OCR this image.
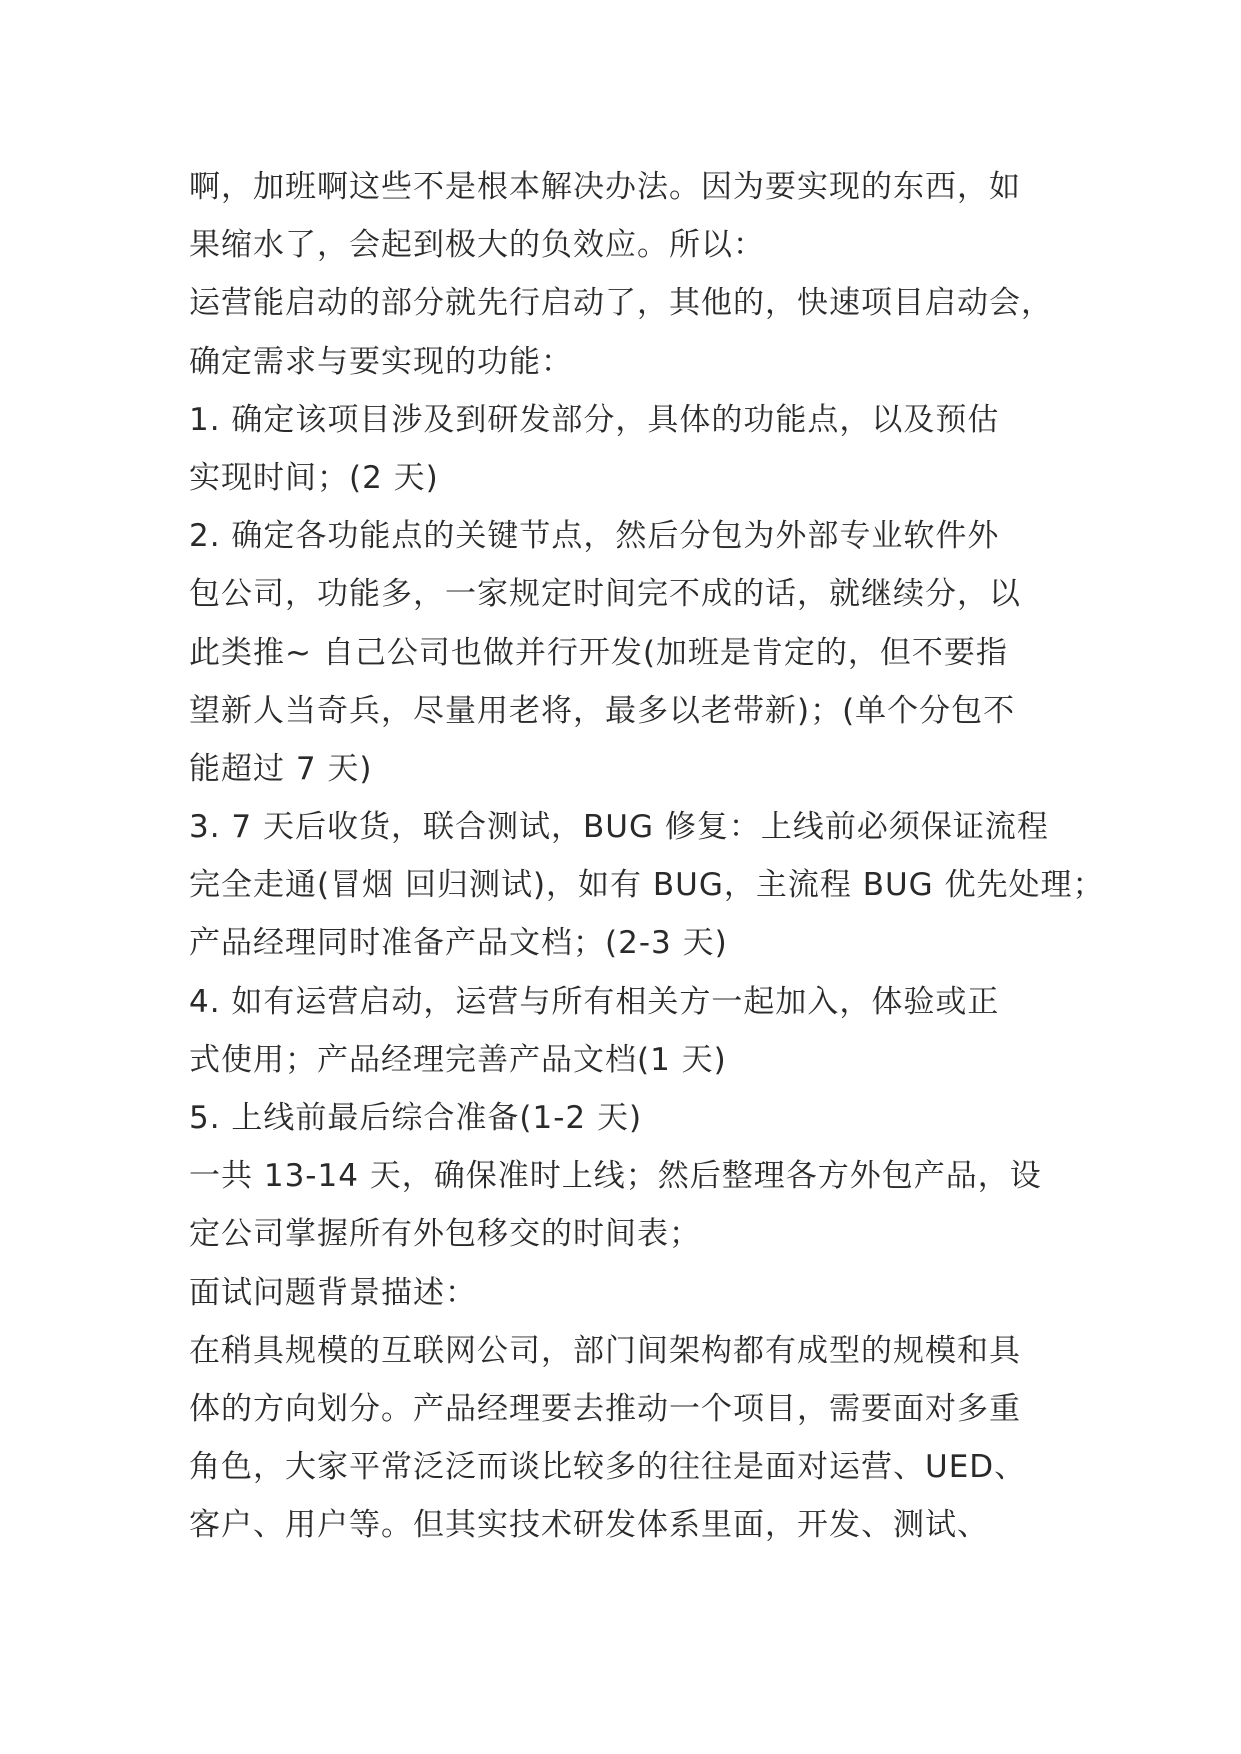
啊，加班啊这些不是根本解决办法。因为要实现的东西，如
果缩水了，会起到极大的负效应。所以：
运营能启动的部分就先行启动了，其他的，快速项目启动会，
确定需求与要实现的功能：
1. 确定该项目涉及到研发部分，具体的功能点，以及预估
实现时间；(2 天)
2. 确定各功能点的关键节点，然后分包为外部专业软件外
包公司，功能多，一家规定时间完不成的话，就继续分，以
此类推~ 自己公司也做并行开发(加班是肯定的，但不要指
望新人当奇兵，尽量用老将，最多以老带新)；(单个分包不
能超过 7 天)
3. 7 天后收货，联合测试，BUG 修复：上线前必须保证流程
完全走通(冒烟 回归测试)，如有 BUG，主流程 BUG 优先处理；
产品经理同时准备产品文档；(2-3 天)
4. 如有运营启动，运营与所有相关方一起加入，体验或正
式使用；产品经理完善产品文档(1 天)
5. 上线前最后综合准备(1-2 天)
一共 13-14 天，确保准时上线；然后整理各方外包产品，设
定公司掌握所有外包移交的时间表；
面试问题背景描述：
在稍具规模的互联网公司，部门间架构都有成型的规模和具
体的方向划分。产品经理要去推动一个项目，需要面对多重
角色，大家平常泛泛而谈比较多的往往是面对运营、UED、
客户、用户等。但其实技术研发体系里面，开发、测试、
